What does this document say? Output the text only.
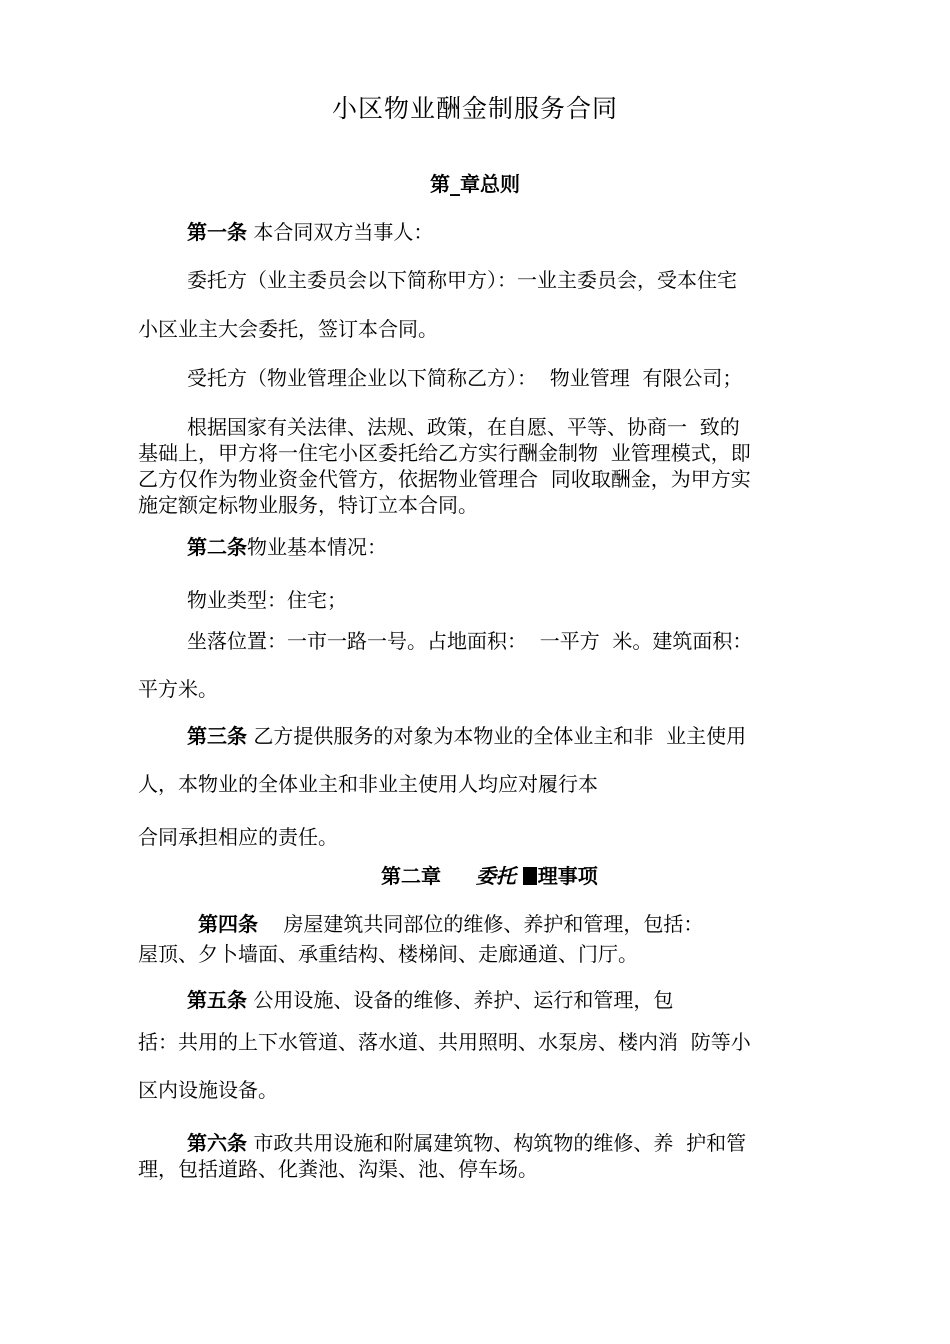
小区物业酬金制服务合同
第_章总则
第一条 本合同双方当事人：
委托方（业主委员会以下简称甲方）：一业主委员会，受本住宅
小区业主大会委托，签订本合同。
受托方（物业管理企业以下简称乙方）：  物业管理  有限公司；
根据国家有关法律、法规、政策，在自愿、平等、协商一  致的
基础上，甲方将一住宅小区委托给乙方实行酬金制物  业管理模式，即
乙方仅作为物业资金代管方，依据物业管理合  同收取酬金，为甲方实
施定额定标物业服务，特订立本合同。
第二条物业基本情况：
物业类型：住宅；
坐落位置：一市一路一号。占地面积：  一平方  米。建筑面积：
平方米。
第三条 乙方提供服务的对象为本物业的全体业主和非  业主使用
人，本物业的全体业主和非业主使用人均应对履行本
合同承担相应的责任。
第二章 委托 理事项
第四条 房屋建筑共同部位的维修、养护和管理，包括：
屋顶、夕卜墙面、承重结构、楼梯间、走廊通道、门厅。
第五条 公用设施、设备的维修、养护、运行和管理，包
括：共用的上下水管道、落水道、共用照明、水泵房、楼内消  防等小
区内设施设备。
第六条 市政共用设施和附属建筑物、构筑物的维修、养  护和管
理，包括道路、化粪池、沟渠、池、停车场。
